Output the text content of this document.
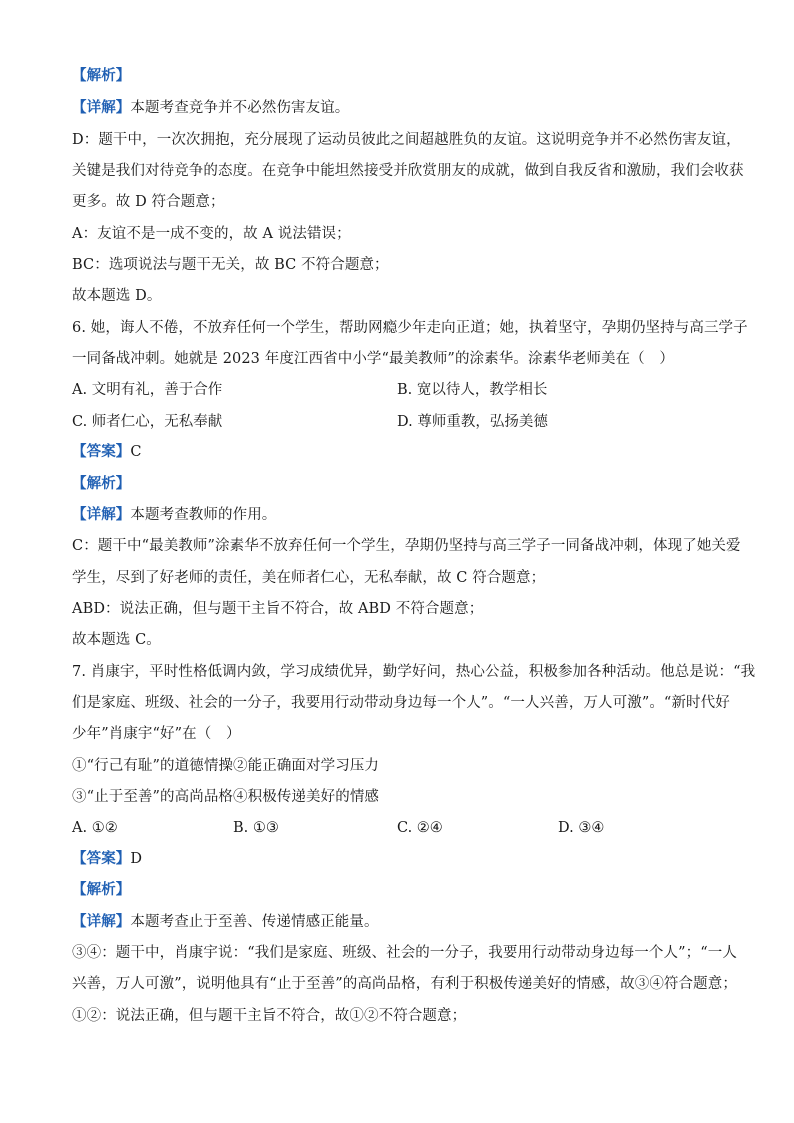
【解析】
【详解】本题考查竞争并不必然伤害友谊。
D：题干中，一次次拥抱，充分展现了运动员彼此之间超越胜负的友谊。这说明竞争并不必然伤害友谊，
关键是我们对待竞争的态度。在竞争中能坦然接受并欣赏朋友的成就，做到自我反省和激励，我们会收获
更多。故 D 符合题意；
A：友谊不是一成不变的，故 A 说法错误；
BC：选项说法与题干无关，故 BC 不符合题意；
故本题选 D。
6. 她，诲人不倦，不放弃任何一个学生，帮助网瘾少年走向正道；她，执着坚守，孕期仍坚持与高三学子
一同备战冲刺。她就是 2023 年度江西省中小学“最美教师”的涂素华。涂素华老师美在（　）
A. 文明有礼，善于合作	B. 宽以待人，教学相长
C. 师者仁心，无私奉献	D. 尊师重教，弘扬美德
【答案】C
【解析】
【详解】本题考查教师的作用。
C：题干中“最美教师”涂素华不放弃任何一个学生，孕期仍坚持与高三学子一同备战冲刺，体现了她关爱
学生，尽到了好老师的责任，美在师者仁心，无私奉献，故 C 符合题意；
ABD：说法正确，但与题干主旨不符合，故 ABD 不符合题意；
故本题选 C。
7. 肖康宇，平时性格低调内敛，学习成绩优异，勤学好问，热心公益，积极参加各种活动。他总是说：“我
们是家庭、班级、社会的一分子，我要用行动带动身边每一个人”。“一人兴善，万人可激”。“新时代好
少年”肖康宇“好”在（　）
①“行己有耻”的道德情操②能正确面对学习压力
③“止于至善”的高尚品格④积极传递美好的情感
A. ①②	B. ①③	C. ②④	D. ③④
【答案】D
【解析】
【详解】本题考查止于至善、传递情感正能量。
③④：题干中，肖康宇说：“我们是家庭、班级、社会的一分子，我要用行动带动身边每一个人”；“一人
兴善，万人可激”，说明他具有“止于至善”的高尚品格，有利于积极传递美好的情感，故③④符合题意；
①②：说法正确，但与题干主旨不符合，故①②不符合题意；
